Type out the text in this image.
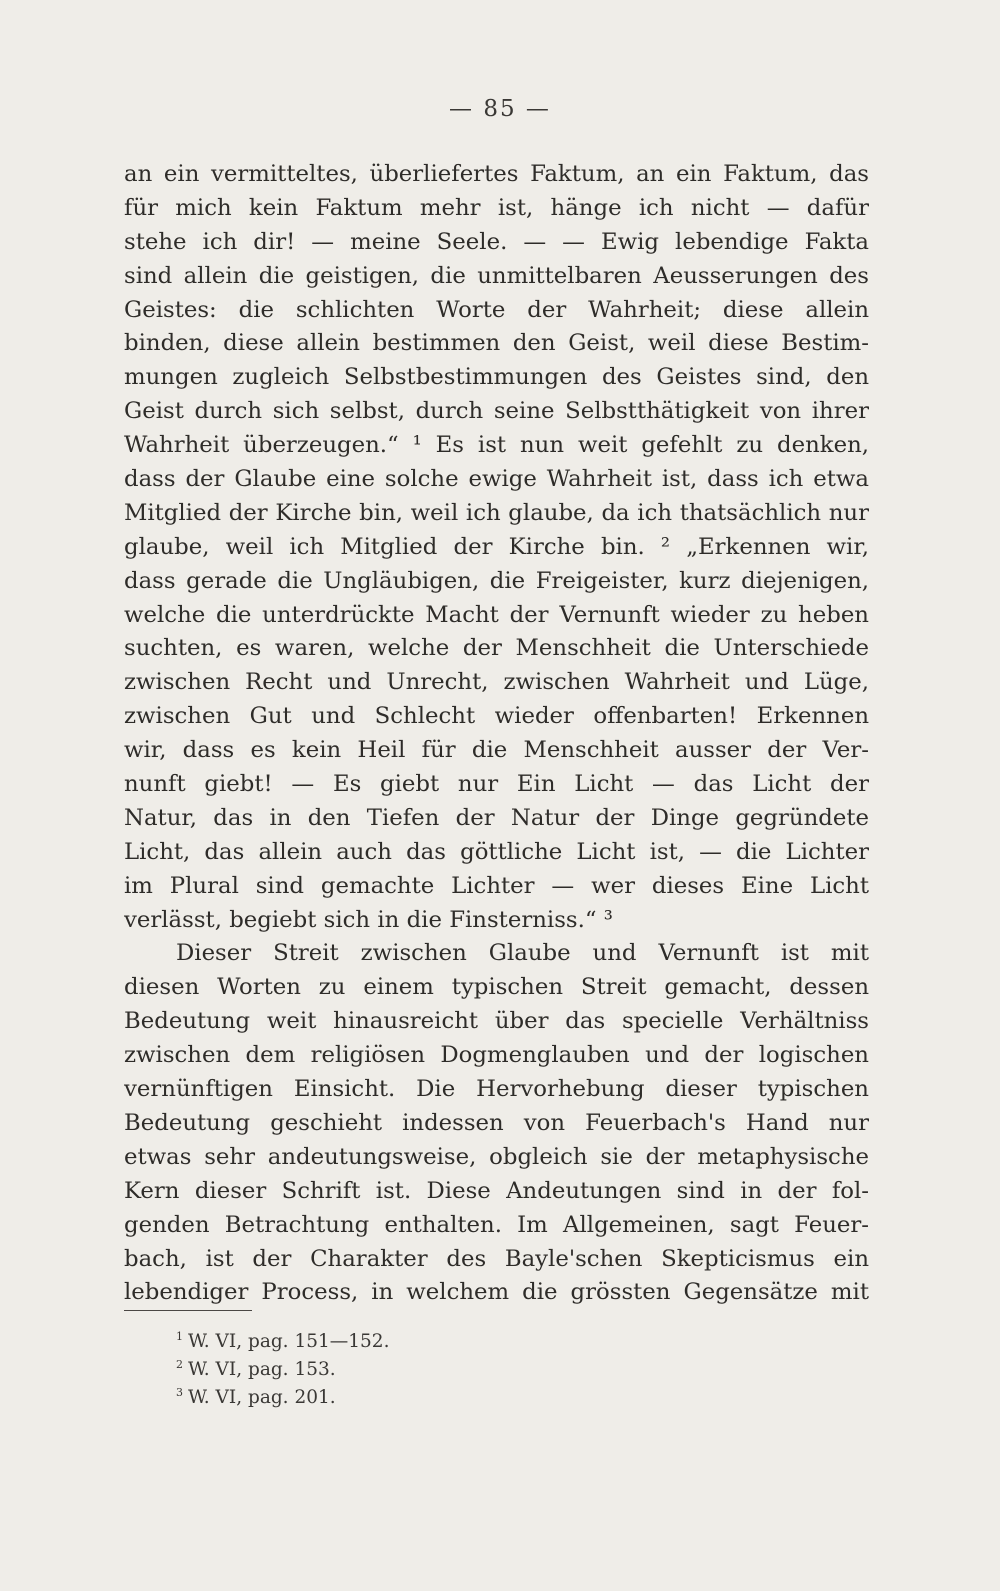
— 85 —
an ein vermitteltes, überliefertes Faktum, an ein Faktum, das
für mich kein Faktum mehr ist, hänge ich nicht — dafür
stehe ich dir! — meine Seele. — — Ewig lebendige Fakta
sind allein die geistigen, die unmittelbaren Aeusserungen des
Geistes: die schlichten Worte der Wahrheit; diese allein
binden, diese allein bestimmen den Geist, weil diese Bestim-
mungen zugleich Selbstbestimmungen des Geistes sind, den
Geist durch sich selbst, durch seine Selbstthätigkeit von ihrer
Wahrheit überzeugen.“ ¹ Es ist nun weit gefehlt zu denken,
dass der Glaube eine solche ewige Wahrheit ist, dass ich etwa
Mitglied der Kirche bin, weil ich glaube, da ich thatsächlich nur
glaube, weil ich Mitglied der Kirche bin. ² „Erkennen wir,
dass gerade die Ungläubigen, die Freigeister, kurz diejenigen,
welche die unterdrückte Macht der Vernunft wieder zu heben
suchten, es waren, welche der Menschheit die Unterschiede
zwischen Recht und Unrecht, zwischen Wahrheit und Lüge,
zwischen Gut und Schlecht wieder offenbarten! Erkennen
wir, dass es kein Heil für die Menschheit ausser der Ver-
nunft giebt! — Es giebt nur Ein Licht — das Licht der
Natur, das in den Tiefen der Natur der Dinge gegründete
Licht, das allein auch das göttliche Licht ist, — die Lichter
im Plural sind gemachte Lichter — wer dieses Eine Licht
verlässt, begiebt sich in die Finsterniss.“ ³
Dieser Streit zwischen Glaube und Vernunft ist mit
diesen Worten zu einem typischen Streit gemacht, dessen
Bedeutung weit hinausreicht über das specielle Verhältniss
zwischen dem religiösen Dogmenglauben und der logischen
vernünftigen Einsicht. Die Hervorhebung dieser typischen
Bedeutung geschieht indessen von Feuerbach's Hand nur
etwas sehr andeutungsweise, obgleich sie der metaphysische
Kern dieser Schrift ist. Diese Andeutungen sind in der fol-
genden Betrachtung enthalten. Im Allgemeinen, sagt Feuer-
bach, ist der Charakter des Bayle'schen Skepticismus ein
lebendiger Process, in welchem die grössten Gegensätze mit
$^1$ W. VI, pag. 151—152.
$^2$ W. VI, pag. 153.
$^3$ W. VI, pag. 201.
